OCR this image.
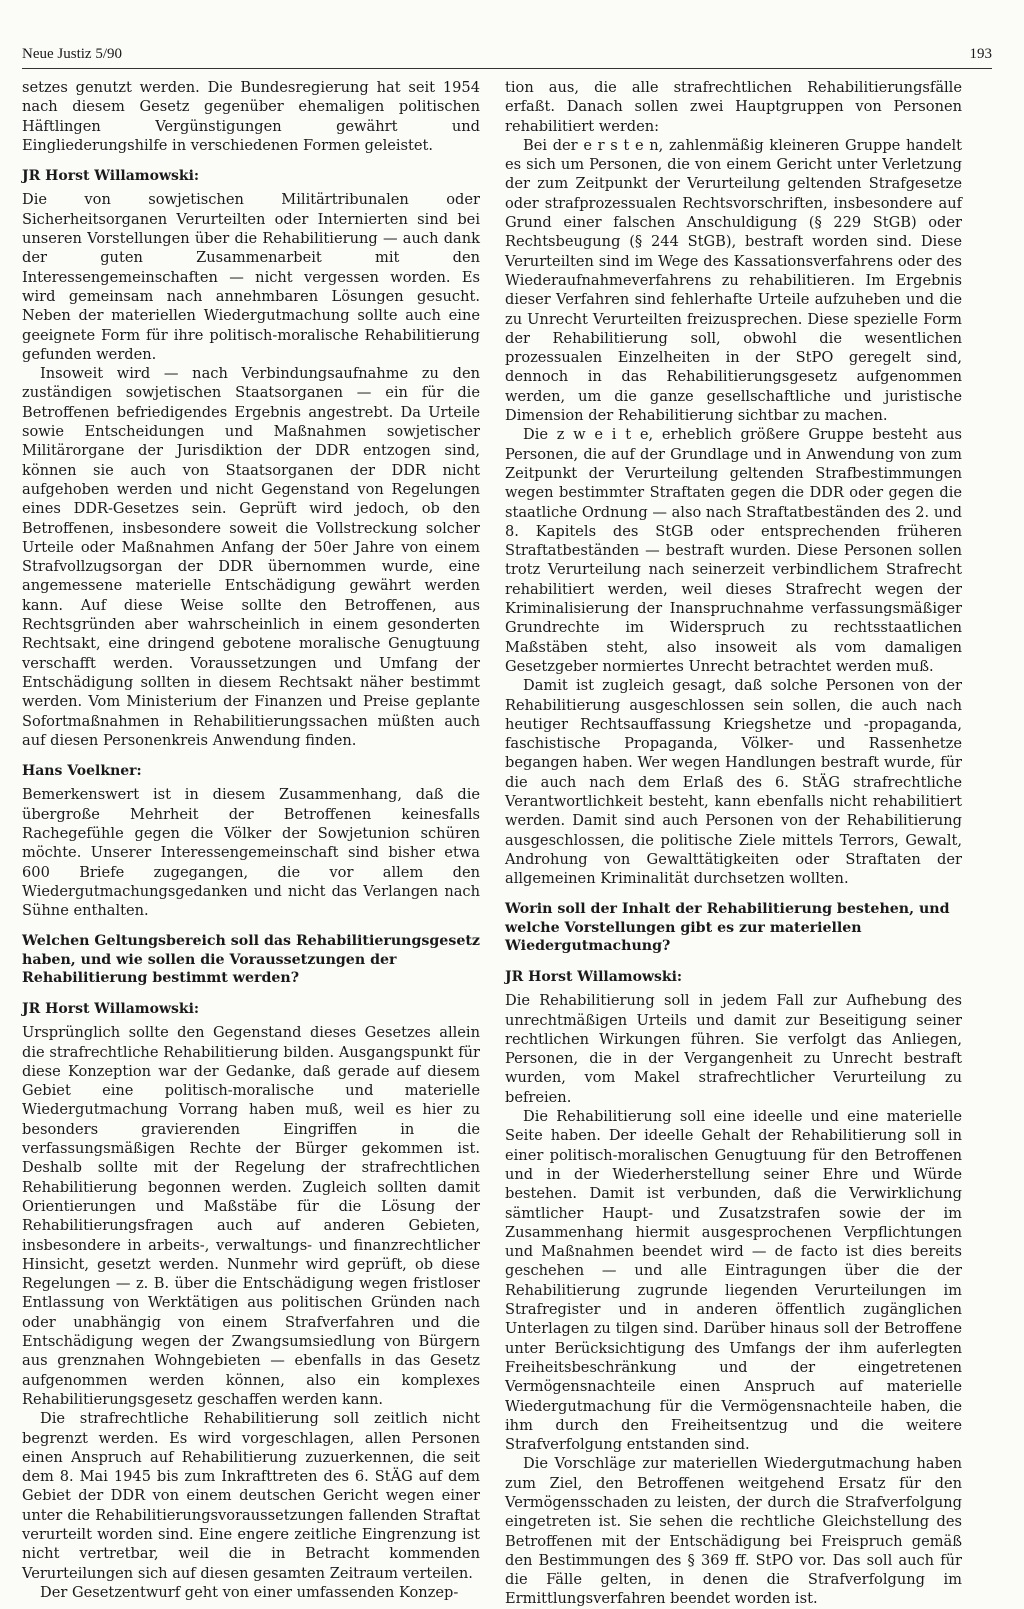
Neue Justiz 5/90	193

setzes genutzt werden. Die Bundesregierung hat seit 1954 nach diesem Gesetz gegenüber ehemaligen politischen Häftlingen Vergünstigungen gewährt und Eingliederungshilfe in verschiedenen Formen geleistet.

JR Horst Willamowski:

Die von sowjetischen Militärtribunalen oder Sicherheitsorganen Verurteilten oder Internierten sind bei unseren Vorstellungen über die Rehabilitierung — auch dank der guten Zusammenarbeit mit den Interessengemeinschaften — nicht vergessen worden. Es wird gemeinsam nach annehmbaren Lösungen gesucht. Neben der materiellen Wiedergutmachung sollte auch eine geeignete Form für ihre politisch-moralische Rehabilitierung gefunden werden.

Insoweit wird — nach Verbindungsaufnahme zu den zuständigen sowjetischen Staatsorganen — ein für die Betroffenen befriedigendes Ergebnis angestrebt. Da Urteile sowie Entscheidungen und Maßnahmen sowjetischer Militärorgane der Jurisdiktion der DDR entzogen sind, können sie auch von Staatsorganen der DDR nicht aufgehoben werden und nicht Gegenstand von Regelungen eines DDR-Gesetzes sein. Geprüft wird jedoch, ob den Betroffenen, insbesondere soweit die Vollstreckung solcher Urteile oder Maßnahmen Anfang der 50er Jahre von einem Strafvollzugsorgan der DDR übernommen wurde, eine angemessene materielle Entschädigung gewährt werden kann. Auf diese Weise sollte den Betroffenen, aus Rechtsgründen aber wahrscheinlich in einem gesonderten Rechtsakt, eine dringend gebotene moralische Genugtuung verschafft werden. Voraussetzungen und Umfang der Entschädigung sollten in diesem Rechtsakt näher bestimmt werden. Vom Ministerium der Finanzen und Preise geplante Sofortmaßnahmen in Rehabilitierungssachen müßten auch auf diesen Personenkreis Anwendung finden.

Hans Voelkner:

Bemerkenswert ist in diesem Zusammenhang, daß die übergroße Mehrheit der Betroffenen keinesfalls Rachegefühle gegen die Völker der Sowjetunion schüren möchte. Unserer Interessengemeinschaft sind bisher etwa 600 Briefe zugegangen, die vor allem den Wiedergutmachungsgedanken und nicht das Verlangen nach Sühne enthalten.

Welchen Geltungsbereich soll das Rehabilitierungsgesetz haben, und wie sollen die Voraussetzungen der Rehabilitierung bestimmt werden?
JR Horst Willamowski:

Ursprünglich sollte den Gegenstand dieses Gesetzes allein die strafrechtliche Rehabilitierung bilden. Ausgangspunkt für diese Konzeption war der Gedanke, daß gerade auf diesem Gebiet eine politisch-moralische und materielle Wiedergutmachung Vorrang haben muß, weil es hier zu besonders gravierenden Eingriffen in die verfassungsmäßigen Rechte der Bürger gekommen ist. Deshalb sollte mit der Regelung der strafrechtlichen Rehabilitierung begonnen werden. Zugleich sollten damit Orientierungen und Maßstäbe für die Lösung der Rehabilitierungsfragen auch auf anderen Gebieten, insbesondere in arbeits-, verwaltungs- und finanzrechtlicher Hinsicht, gesetzt werden. Nunmehr wird geprüft, ob diese Regelungen — z. B. über die Entschädigung wegen fristloser Entlassung von Werktätigen aus politischen Gründen nach oder unabhängig von einem Strafverfahren und die Entschädigung wegen der Zwangsumsiedlung von Bürgern aus grenznahen Wohngebieten — ebenfalls in das Gesetz aufgenommen werden können, also ein komplexes Rehabilitierungsgesetz geschaffen werden kann.

Die strafrechtliche Rehabilitierung soll zeitlich nicht begrenzt werden. Es wird vorgeschlagen, allen Personen einen Anspruch auf Rehabilitierung zuzuerkennen, die seit dem 8. Mai 1945 bis zum Inkrafttreten des 6. StÄG auf dem Gebiet der DDR von einem deutschen Gericht wegen einer unter die Rehabilitierungsvoraussetzungen fallenden Straftat verurteilt worden sind. Eine engere zeitliche Eingrenzung ist nicht vertretbar, weil die in Betracht kommenden Verurteilungen sich auf diesen gesamten Zeitraum verteilen.

Der Gesetzentwurf geht von einer umfassenden Konzep-

tion aus, die alle strafrechtlichen Rehabilitierungsfälle erfaßt. Danach sollen zwei Hauptgruppen von Personen rehabilitiert werden:

Bei der e r s t e n, zahlenmäßig kleineren Gruppe handelt es sich um Personen, die von einem Gericht unter Verletzung der zum Zeitpunkt der Verurteilung geltenden Strafgesetze oder strafprozessualen Rechtsvorschriften, insbesondere auf Grund einer falschen Anschuldigung (§ 229 StGB) oder Rechtsbeugung (§ 244 StGB), bestraft worden sind. Diese Verurteilten sind im Wege des Kassationsverfahrens oder des Wiederaufnahmeverfahrens zu rehabilitieren. Im Ergebnis dieser Verfahren sind fehlerhafte Urteile aufzuheben und die zu Unrecht Verurteilten freizusprechen. Diese spezielle Form der Rehabilitierung soll, obwohl die wesentlichen prozessualen Einzelheiten in der StPO geregelt sind, dennoch in das Rehabilitierungsgesetz aufgenommen werden, um die ganze gesellschaftliche und juristische Dimension der Rehabilitierung sichtbar zu machen.

Die z w e i t e, erheblich größere Gruppe besteht aus Personen, die auf der Grundlage und in Anwendung von zum Zeitpunkt der Verurteilung geltenden Strafbestimmungen wegen bestimmter Straftaten gegen die DDR oder gegen die staatliche Ordnung — also nach Straftatbeständen des 2. und 8. Kapitels des StGB oder entsprechenden früheren Straftatbeständen — bestraft wurden. Diese Personen sollen trotz Verurteilung nach seinerzeit verbindlichem Strafrecht rehabilitiert werden, weil dieses Strafrecht wegen der Kriminalisierung der Inanspruchnahme verfassungsmäßiger Grundrechte im Widerspruch zu rechtsstaatlichen Maßstäben steht, also insoweit als vom damaligen Gesetzgeber normiertes Unrecht betrachtet werden muß.

Damit ist zugleich gesagt, daß solche Personen von der Rehabilitierung ausgeschlossen sein sollen, die auch nach heutiger Rechtsauffassung Kriegshetze und -propaganda, faschistische Propaganda, Völker- und Rassenhetze begangen haben. Wer wegen Handlungen bestraft wurde, für die auch nach dem Erlaß des 6. StÄG strafrechtliche Verantwortlichkeit besteht, kann ebenfalls nicht rehabilitiert werden. Damit sind auch Personen von der Rehabilitierung ausgeschlossen, die politische Ziele mittels Terrors, Gewalt, Androhung von Gewalttätigkeiten oder Straftaten der allgemeinen Kriminalität durchsetzen wollten.

Worin soll der Inhalt der Rehabilitierung bestehen, und welche Vorstellungen gibt es zur materiellen Wiedergutmachung?
JR Horst Willamowski:

Die Rehabilitierung soll in jedem Fall zur Aufhebung des unrechtmäßigen Urteils und damit zur Beseitigung seiner rechtlichen Wirkungen führen. Sie verfolgt das Anliegen, Personen, die in der Vergangenheit zu Unrecht bestraft wurden, vom Makel strafrechtlicher Verurteilung zu befreien.

Die Rehabilitierung soll eine ideelle und eine materielle Seite haben. Der ideelle Gehalt der Rehabilitierung soll in einer politisch-moralischen Genugtuung für den Betroffenen und in der Wiederherstellung seiner Ehre und Würde bestehen. Damit ist verbunden, daß die Verwirklichung sämtlicher Haupt- und Zusatzstrafen sowie der im Zusammenhang hiermit ausgesprochenen Verpflichtungen und Maßnahmen beendet wird — de facto ist dies bereits geschehen — und alle Eintragungen über die der Rehabilitierung zugrunde liegenden Verurteilungen im Strafregister und in anderen öffentlich zugänglichen Unterlagen zu tilgen sind. Darüber hinaus soll der Betroffene unter Berücksichtigung des Umfangs der ihm auferlegten Freiheitsbeschränkung und der eingetretenen Vermögensnachteile einen Anspruch auf materielle Wiedergutmachung für die Vermögensnachteile haben, die ihm durch den Freiheitsentzug und die weitere Strafverfolgung entstanden sind.

Die Vorschläge zur materiellen Wiedergutmachung haben zum Ziel, den Betroffenen weitgehend Ersatz für den Vermögensschaden zu leisten, der durch die Strafverfolgung eingetreten ist. Sie sehen die rechtliche Gleichstellung des Betroffenen mit der Entschädigung bei Freispruch gemäß den Bestimmungen des § 369 ff. StPO vor. Das soll auch für die Fälle gelten, in denen die Strafverfolgung im Ermittlungsverfahren beendet worden ist.
